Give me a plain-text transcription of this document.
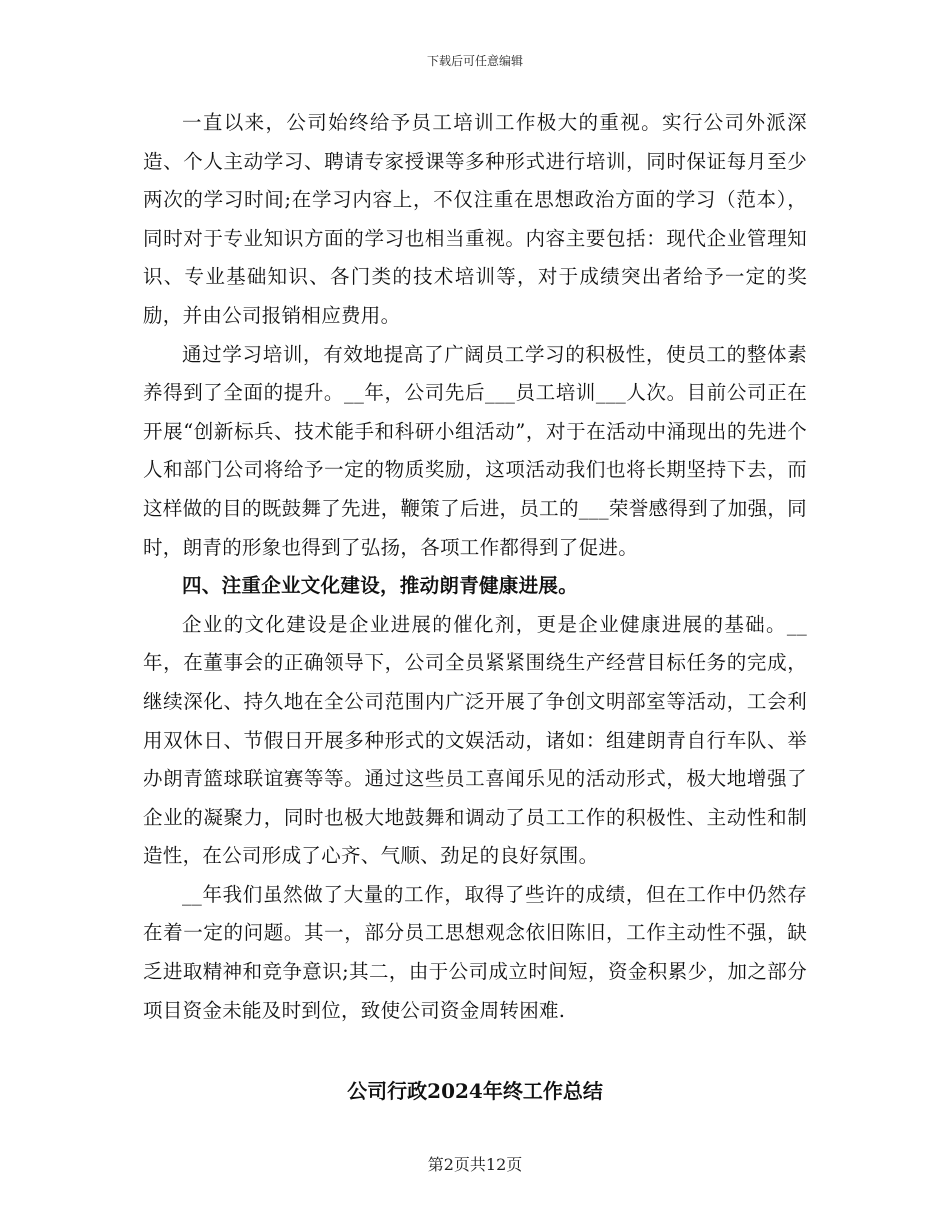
下载后可任意编辑

一直以来，公司始终给予员工培训工作极大的重视。实行公司外派深造、个人主动学习、聘请专家授课等多种形式进行培训，同时保证每月至少两次的学习时间;在学习内容上，不仅注重在思想政治方面的学习（范本），同时对于专业知识方面的学习也相当重视。内容主要包括：现代企业管理知识、专业基础知识、各门类的技术培训等，对于成绩突出者给予一定的奖励，并由公司报销相应费用。

通过学习培训，有效地提高了广阔员工学习的积极性，使员工的整体素养得到了全面的提升。__年，公司先后___员工培训___人次。目前公司正在开展“创新标兵、技术能手和科研小组活动”，对于在活动中涌现出的先进个人和部门公司将给予一定的物质奖励，这项活动我们也将长期坚持下去，而这样做的目的既鼓舞了先进，鞭策了后进，员工的___荣誉感得到了加强，同时，朗青的形象也得到了弘扬，各项工作都得到了促进。

四、注重企业文化建设，推动朗青健康进展。

企业的文化建设是企业进展的催化剂，更是企业健康进展的基础。__年，在董事会的正确领导下，公司全员紧紧围绕生产经营目标任务的完成，继续深化、持久地在全公司范围内广泛开展了争创文明部室等活动，工会利用双休日、节假日开展多种形式的文娱活动，诸如：组建朗青自行车队、举办朗青篮球联谊赛等等。通过这些员工喜闻乐见的活动形式，极大地增强了企业的凝聚力，同时也极大地鼓舞和调动了员工工作的积极性、主动性和制造性，在公司形成了心齐、气顺、劲足的良好氛围。

__年我们虽然做了大量的工作，取得了些许的成绩，但在工作中仍然存在着一定的问题。其一，部分员工思想观念依旧陈旧，工作主动性不强，缺乏进取精神和竞争意识;其二，由于公司成立时间短，资金积累少，加之部分项目资金未能及时到位，致使公司资金周转困难.

公司行政2024年终工作总结
第2页共12页
